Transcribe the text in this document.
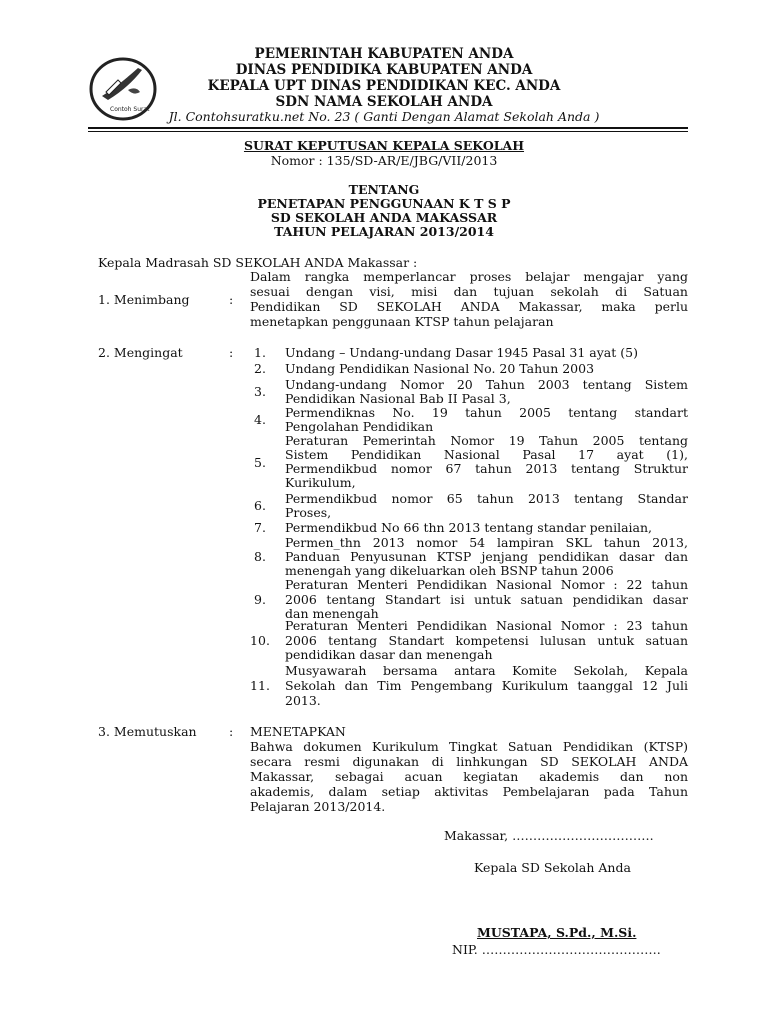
Contoh Surat
PEMERINTAH KABUPATEN ANDA
DINAS PENDIDIKA KABUPATEN ANDA
KEPALA UPT DINAS PENDIDIKAN KEC. ANDA
SDN NAMA SEKOLAH ANDA
Jl. Contohsuratku.net No. 23 ( Ganti Dengan Alamat Sekolah Anda )
SURAT KEPUTUSAN KEPALA SEKOLAH
Nomor : 135/SD-AR/E/JBG/VII/2013
TENTANG
PENETAPAN PENGGUNAAN K T S P
SD SEKOLAH ANDA MAKASSAR
TAHUN PELAJARAN 2013/2014
Kepala Madrasah SD SEKOLAH ANDA Makassar :
1. Menimbang	:
Dalam rangka memperlancar proses belajar mengajar yang
sesuai dengan visi, misi dan tujuan sekolah di Satuan
Pendidikan SD SEKOLAH ANDA Makassar, maka perlu
menetapkan penggunaan KTSP tahun pelajaran
2. Mengingat	:	1.	Undang – Undang-undang Dasar 1945 Pasal 31 ayat (5)
2.	Undang Pendidikan Nasional No. 20 Tahun 2003
3.	Undang-undang Nomor 20 Tahun 2003 tentang Sistem
Pendidikan Nasional Bab II Pasal 3,
4.	Permendiknas No. 19 tahun 2005 tentang standart
Pengolahan Pendidikan
5.
Peraturan Pemerintah Nomor 19 Tahun 2005 tentang
Sistem Pendidikan Nasional Pasal 17 ayat (1),
Permendikbud nomor 67 tahun 2013 tentang Struktur
Kurikulum,
6.	Permendikbud nomor 65 tahun 2013 tentang Standar
Proses,
7.	Permendikbud No 66 thn 2013 tentang standar penilaian,
8.
Permen_thn 2013 nomor 54 lampiran SKL tahun 2013,
Panduan Penyusunan KTSP jenjang pendidikan dasar dan
menengah yang dikeluarkan oleh BSNP tahun 2006
9.
Peraturan Menteri Pendidikan Nasional Nomor : 22 tahun
2006 tentang Standart isi untuk satuan pendidikan dasar
dan menengah
10.
Peraturan Menteri Pendidikan Nasional Nomor : 23 tahun
2006 tentang Standart kompetensi lulusan untuk satuan
pendidikan dasar dan menengah
11.
Musyawarah bersama antara Komite Sekolah, Kepala
Sekolah dan Tim Pengembang Kurikulum taanggal 12 Juli
2013.
3. Memutuskan	: MENETAPKAN
Bahwa dokumen Kurikulum Tingkat Satuan Pendidikan (KTSP)
secara resmi digunakan di linhkungan SD SEKOLAH ANDA
Makassar, sebagai acuan kegiatan akademis dan non
akademis, dalam setiap aktivitas Pembelajaran pada Tahun
Pelajaran 2013/2014.
Makassar, …………………………….
Kepala SD Sekolah Anda
MUSTAPA, S.Pd., M.Si.
NIP. …………………………………….
